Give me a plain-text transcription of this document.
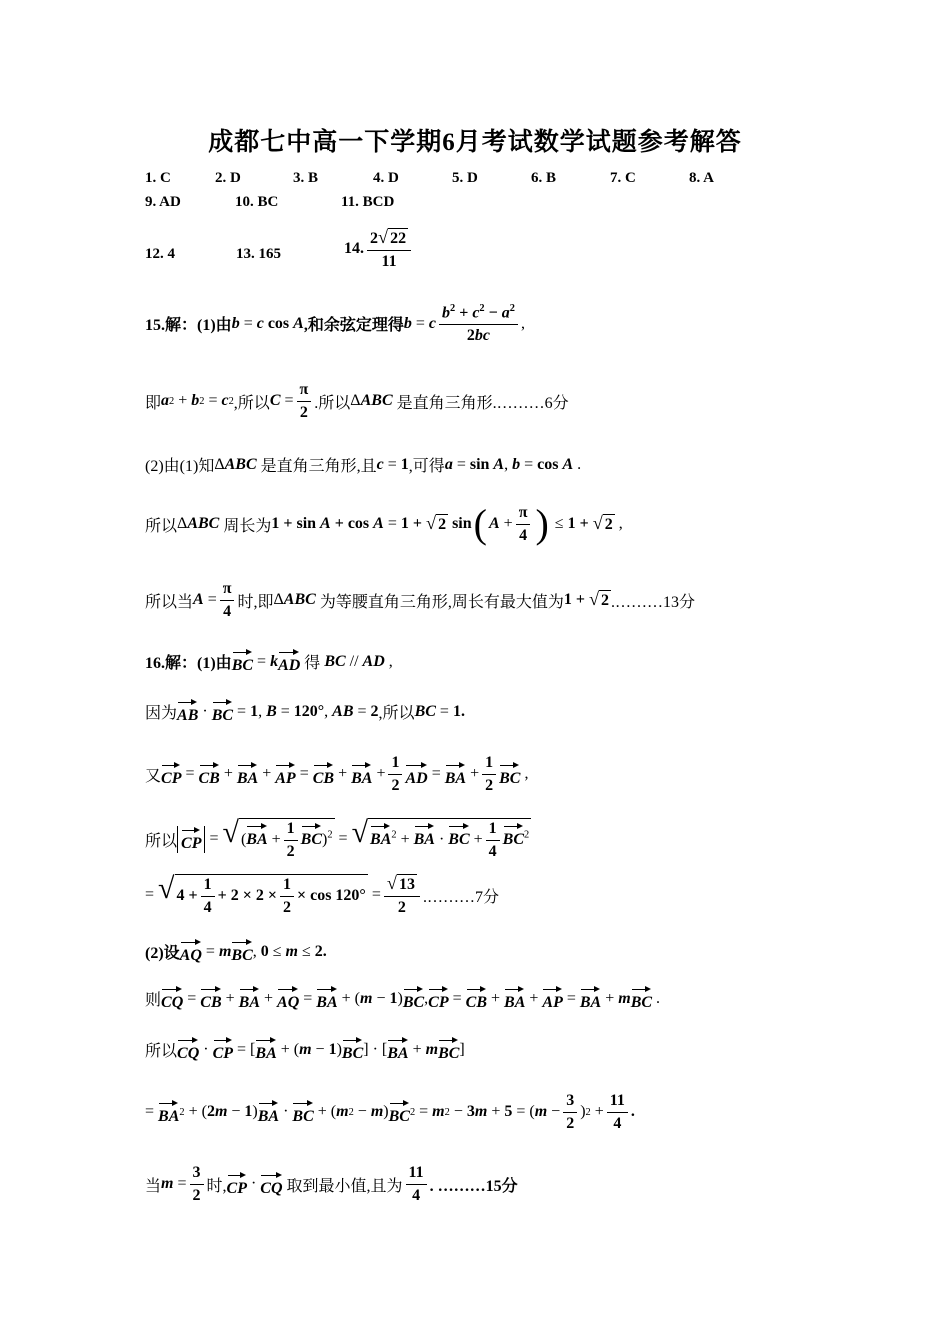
成都七中高一下学期6月考试数学试题参考解答
1. C	2. D	3. B	4. D	5. D	6. B	7. C	8. A
9. AD	10. BC	11. BCD
12. 4	13. 165	14. $\frac{2 √ 22}{11}$
15.解： (1)由 b = c
cos
A ,和余弦定理得 b = c $\frac{b^2 + c^2 - a^2}{2bc}$ ,
即 a 2 + b 2 = c 2 ,所以 $C = \frac{\pi}{2}$ .所以 Δ ABC
是直角三角形.………6分
(2)由(1)知 Δ ABC
是直角三角形,且 c = 1 ,可得 a = sin
A , b = cos
A .
所以 Δ ABC
周长为 1 + sin
A
+ cos
A = 1 +
√ 2
sin ( $A + \frac{\pi}{4}$ ) ≤ 1 +
√ 2 ,
所以当 $A = \frac{\pi}{4}$ 时,即 Δ ABC
为等腰直角三角形,周长有最大值为 1 +
√ 2 .………13分
16.解： (1)由 BC = k AD
得
BC // AD ,
因为 AB · BC = 1 , B = 120° , AB = 2 ,所以 BC = 1.
又 CP = CB + BA + AP = CB + BA + $\frac{1}{2}$ AD = BA + $\frac{1}{2}$ BC ,
所以 CP = √ $(BA + \frac{1}{2} BC)^2$ = √ $BA^2$ + BA · BC + $\frac{1}{4} BC^2$
= √ $4 + \frac{1}{4} + 2 \times 2 \times \frac{1}{2} \times \cos 120^\circ = \frac{√ 13}{2}$ .………7分
(2)设 AQ = m BC , 0 ≤ m ≤ 2.
则 CQ = CB + BA + AQ = BA + ( m − 1 ) BC , CP = CB + BA + AP = BA + m BC .
所以 CQ · CP = [ BA + ( m − 1 ) BC ] · [ BA + m BC ]
= BA 2 + ( 2 m − 1 ) BA · BC + ( m 2 − m ) BC 2 = m 2 − 3 m + 5 = ( $m - \frac{3}{2}$ ) $2 + \frac{11}{4}$ .
当 $m = \frac{3}{2}$ 时, CP · CQ
取到最小值,且为 $\frac{11}{4}$ . ………15分
